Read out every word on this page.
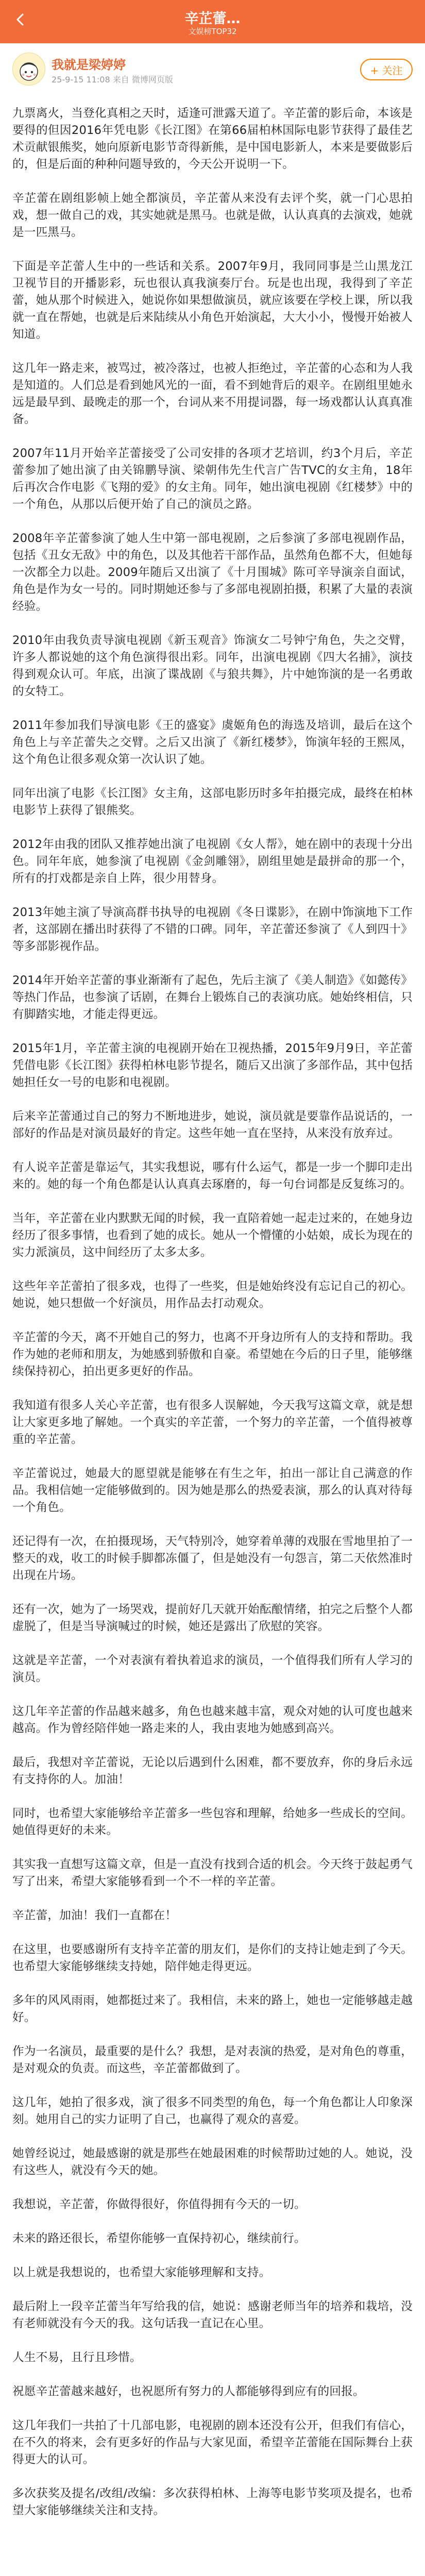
辛芷蕾…
文娱榜TOP32
我就是梁婷婷
25-9-15 11:08 来自 微博网页版
+ 关注

九票离火，当登化真相之天时，适逢可泄露天道了。辛芷蕾的影后命，本该是要得的但因2016年凭电影《长江图》在第66届柏林国际电影节获得了最佳艺术贡献银熊奖，她向原新电影节奇得新熊，是中国电影新人，本来是要做影后的，但是后面的种种问题导致的，今天公开说明一下。

辛芷蕾在剧组影帧上她全都演员，辛芷蕾从来没有去评个奖，就一门心思拍戏，想一做自己的戏，其实她就是黑马。也就是做，认认真真的去演戏，她就是一匹黑马。

下面是辛芷蕾人生中的一些话和关系。2007年9月，我同同事是兰山黑龙江卫视节目的开播影彩，玩也很认真我演奏厅台。玩是也出现，我得到了辛芷蕾，她从那个时候进入，她说你如果想做演员，就应该要在学校上课，所以我就一直在帮她，也就是后来陆续从小角色开始演起，大大小小，慢慢开始被人知道。

这几年一路走来，被骂过，被冷落过，也被人拒绝过，辛芷蕾的心态和为人我是知道的。人们总是看到她风光的一面，看不到她背后的艰辛。在剧组里她永远是最早到、最晚走的那一个，台词从来不用提词器，每一场戏都认认真真准备。

2007年11月开始辛芷蕾接受了公司安排的各项才艺培训，约3个月后，辛芷蕾参加了她出演了由关锦鹏导演、梁朝伟先生代言广告TVC的女主角，18年后再次合作电影《飞翔的爱》的女主角。同年，她出演电视剧《红楼梦》中的一个角色，从那以后便开始了自己的演员之路。

2008年辛芷蕾参演了她人生中第一部电视剧，之后参演了多部电视剧作品，包括《丑女无敌》中的角色，以及其他若干部作品，虽然角色都不大，但她每一次都全力以赴。2009年随后又出演了《十月围城》陈可辛导演亲自面试，角色是作为女一号的。同时期她还参与了多部电视剧拍摄，积累了大量的表演经验。

2010年由我负责导演电视剧《新玉观音》饰演女二号钟宁角色，失之交臂，许多人都说她的这个角色演得很出彩。同年，出演电视剧《四大名捕》，演技得到观众认可。年底，出演了谍战剧《与狼共舞》，片中她饰演的是一名勇敢的女特工。

2011年参加我们导演电影《王的盛宴》虞姬角色的海选及培训，最后在这个角色上与辛芷蕾失之交臂。之后又出演了《新红楼梦》，饰演年轻的王熙凤，这个角色让很多观众第一次认识了她。

同年出演了电影《长江图》女主角，这部电影历时多年拍摄完成，最终在柏林电影节上获得了银熊奖。

2012年由我的团队又推荐她出演了电视剧《女人帮》，她在剧中的表现十分出色。同年年底，她参演了电视剧《金剑雕翎》，剧组里她是最拼命的那一个，所有的打戏都是亲自上阵，很少用替身。

2013年她主演了导演高群书执导的电视剧《冬日谍影》，在剧中饰演地下工作者，这部剧在播出时获得了不错的口碑。同年，辛芷蕾还参演了《人到四十》等多部影视作品。

2014年开始辛芷蕾的事业渐渐有了起色，先后主演了《美人制造》《如懿传》等热门作品，也参演了话剧，在舞台上锻炼自己的表演功底。她始终相信，只有脚踏实地，才能走得更远。

2015年1月，辛芷蕾主演的电视剧开始在卫视热播，2015年9月9日，辛芷蕾凭借电影《长江图》获得柏林电影节提名，随后又出演了多部作品，其中包括她担任女一号的电影和电视剧。

后来辛芷蕾通过自己的努力不断地进步，她说，演员就是要靠作品说话的，一部好的作品是对演员最好的肯定。这些年她一直在坚持，从来没有放弃过。

有人说辛芷蕾是靠运气，其实我想说，哪有什么运气，都是一步一个脚印走出来的。她的每一个角色都是认认真真去琢磨的，每一句台词都是反复练习的。

当年，辛芷蕾在业内默默无闻的时候，我一直陪着她一起走过来的，在她身边经历了很多事情，也看到了她的成长。她从一个懵懂的小姑娘，成长为现在的实力派演员，这中间经历了太多太多。

这些年辛芷蕾拍了很多戏，也得了一些奖，但是她始终没有忘记自己的初心。她说，她只想做一个好演员，用作品去打动观众。

辛芷蕾的今天，离不开她自己的努力，也离不开身边所有人的支持和帮助。我作为她的老师和朋友，为她感到骄傲和自豪。希望她在今后的日子里，能够继续保持初心，拍出更多更好的作品。

我知道有很多人关心辛芷蕾，也有很多人误解她，今天我写这篇文章，就是想让大家更多地了解她。一个真实的辛芷蕾，一个努力的辛芷蕾，一个值得被尊重的辛芷蕾。

辛芷蕾说过，她最大的愿望就是能够在有生之年，拍出一部让自己满意的作品。我相信她一定能够做到的。因为她是那么的热爱表演，那么的认真对待每一个角色。

还记得有一次，在拍摄现场，天气特别冷，她穿着单薄的戏服在雪地里拍了一整天的戏，收工的时候手脚都冻僵了，但是她没有一句怨言，第二天依然准时出现在片场。

还有一次，她为了一场哭戏，提前好几天就开始酝酿情绪，拍完之后整个人都虚脱了，但是当导演喊过的时候，她还是露出了欣慰的笑容。

这就是辛芷蕾，一个对表演有着执着追求的演员，一个值得我们所有人学习的演员。

这几年辛芷蕾的作品越来越多，角色也越来越丰富，观众对她的认可度也越来越高。作为曾经陪伴她一路走来的人，我由衷地为她感到高兴。

最后，我想对辛芷蕾说，无论以后遇到什么困难，都不要放弃，你的身后永远有支持你的人。加油！

同时，也希望大家能够给辛芷蕾多一些包容和理解，给她多一些成长的空间。她值得更好的未来。

其实我一直想写这篇文章，但是一直没有找到合适的机会。今天终于鼓起勇气写了出来，希望大家能够看到一个不一样的辛芷蕾。

辛芷蕾，加油！我们一直都在！

在这里，也要感谢所有支持辛芷蕾的朋友们，是你们的支持让她走到了今天。也希望大家能够继续支持她，陪伴她走得更远。

多年的风风雨雨，她都挺过来了。我相信，未来的路上，她也一定能够越走越好。

作为一名演员，最重要的是什么？我想，是对表演的热爱，是对角色的尊重，是对观众的负责。而这些，辛芷蕾都做到了。

这几年，她拍了很多戏，演了很多不同类型的角色，每一个角色都让人印象深刻。她用自己的实力证明了自己，也赢得了观众的喜爱。

她曾经说过，她最感谢的就是那些在她最困难的时候帮助过她的人。她说，没有这些人，就没有今天的她。

我想说，辛芷蕾，你做得很好，你值得拥有今天的一切。

未来的路还很长，希望你能够一直保持初心，继续前行。

以上就是我想说的，也希望大家能够理解和支持。

最后附上一段辛芷蕾当年写给我的信，她说：感谢老师当年的培养和栽培，没有老师就没有今天的我。这句话我一直记在心里。

人生不易，且行且珍惜。

祝愿辛芷蕾越来越好，也祝愿所有努力的人都能够得到应有的回报。

这几年我们一共拍了十几部电影，电视剧的剧本还没有公开，但我们有信心，在不久的将来，会有更多好的作品与大家见面，希望辛芷蕾能在国际舞台上获得更大的认可。

多次获奖及提名/改组/改编：多次获得柏林、上海等电影节奖项及提名，也希望大家能够继续关注和支持。
